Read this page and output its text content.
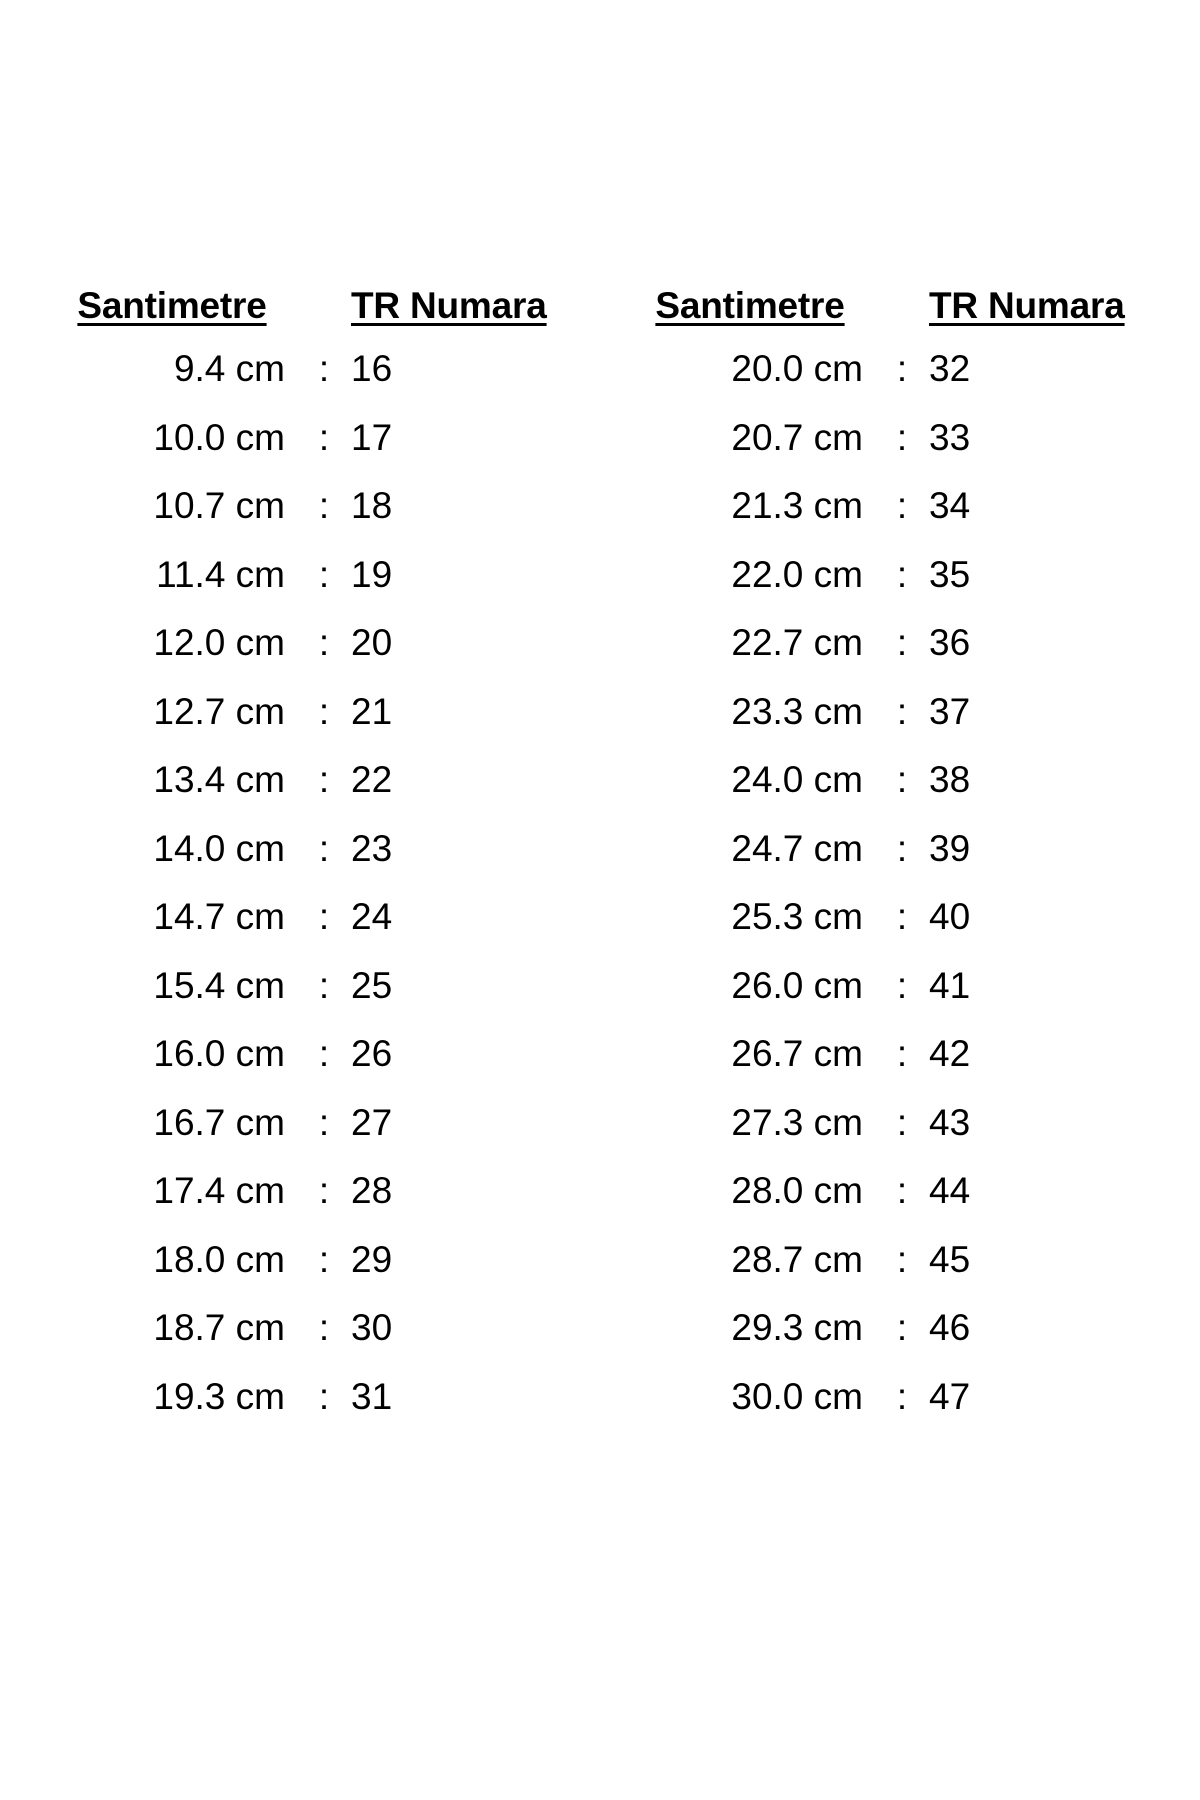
Santimetre	TR Numara
9.4 cm : 16
10.0 cm : 17
10.7 cm : 18
11.4 cm : 19
12.0 cm : 20
12.7 cm : 21
13.4 cm : 22
14.0 cm : 23
14.7 cm : 24
15.4 cm : 25
16.0 cm : 26
16.7 cm : 27
17.4 cm : 28
18.0 cm : 29
18.7 cm : 30
19.3 cm : 31
Santimetre	TR Numara
20.0 cm : 32
20.7 cm : 33
21.3 cm : 34
22.0 cm : 35
22.7 cm : 36
23.3 cm : 37
24.0 cm : 38
24.7 cm : 39
25.3 cm : 40
26.0 cm : 41
26.7 cm : 42
27.3 cm : 43
28.0 cm : 44
28.7 cm : 45
29.3 cm : 46
30.0 cm : 47
